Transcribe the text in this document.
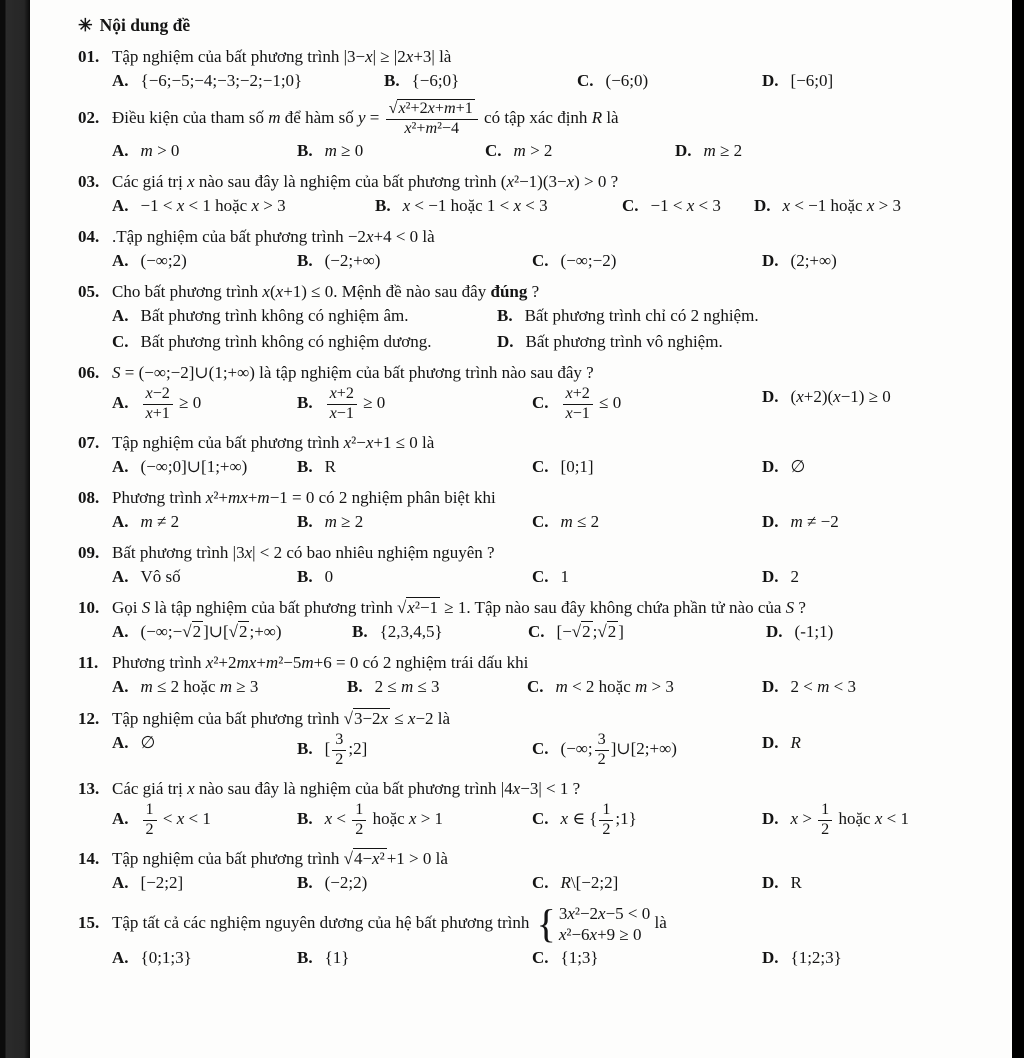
✳ Nội dung đề
01. Tập nghiệm của bất phương trình |3−x| ≥ |2x+3| là
A. {−6;−5;−4;−3;−2;−1;0}	B. {−6;0}	C. (−6;0)	D. [−6;0]
02. Điều kiện của tham số m để hàm số $y = \frac{\text{√x²+2x+m+1}}{\text{x²+m²−4}}$ có tập xác định R là
A. m > 0	B. m ≥ 0	C. m > 2	D. m ≥ 2
03. Các giá trị x nào sau đây là nghiệm của bất phương trình (x²−1)(3−x) > 0 ?
A. −1 < x < 1 hoặc x > 3	B. x < −1 hoặc 1 < x < 3	C. −1 < x < 3	D. x < −1 hoặc x > 3
04. .Tập nghiệm của bất phương trình −2x+4 < 0 là
A. (−∞;2)	B. (−2;+∞)	C. (−∞;−2)	D. (2;+∞)
05. Cho bất phương trình x(x+1) ≤ 0. Mệnh đề nào sau đây đúng ?
A. Bất phương trình không có nghiệm âm.	B. Bất phương trình chỉ có 2 nghiệm.
C. Bất phương trình không có nghiệm dương.	D. Bất phương trình vô nghiệm.
06. S = (−∞;−2]∪(1;+∞) là tập nghiệm của bất phương trình nào sau đây ?
A. $\frac{x-2}{x+1} \ge 0$	B. $\frac{x+2}{x-1} \ge 0$	C. $\frac{x+2}{x-1} \le 0$	D. (x+2)(x−1) ≥ 0
07. Tập nghiệm của bất phương trình x²−x+1 ≤ 0 là
A. (−∞;0]∪[1;+∞)	B. R	C. [0;1]	D. ∅
08. Phương trình x²+mx+m−1 = 0 có 2 nghiệm phân biệt khi
A. m ≠ 2	B. m ≥ 2	C. m ≤ 2	D. m ≠ −2
09. Bất phương trình |3x| < 2 có bao nhiêu nghiệm nguyên ?
A. Vô số	B. 0	C. 1	D. 2
10. Gọi S là tập nghiệm của bất phương trình √x²−1 ≥ 1. Tập nào sau đây không chứa phần tử nào của S ?
A. (−∞;−√2 ]∪[√2 ;+∞)	B. {2,3,4,5}	C. [−√2 ;√2 ]	D. (-1;1)
11. Phương trình x²+2mx+m²−5m+6 = 0 có 2 nghiệm trái dấu khi
A. m ≤ 2 hoặc m ≥ 3	B. 2 ≤ m ≤ 3	C. m < 2 hoặc m > 3	D. 2 < m < 3
12. Tập nghiệm của bất phương trình √3−2x ≤ x−2 là
A. ∅	B. [ $\frac{3}{2}$ ;2]	C. (−∞; $\frac{3}{2}$ ]∪[2;+∞)	D. R
13. Các giá trị x nào sau đây là nghiệm của bất phương trình |4x−3| < 1 ?
A. $\frac{1}{2} < x < 1$	B. $x < \frac{1}{2}$ hoặc x > 1	C. x ∈ { $\frac{1}{2}$ ;1}	D. $x > \frac{1}{2}$ hoặc x < 1
14. Tập nghiệm của bất phương trình √4−x² +1 > 0 là
A. [−2;2]	B. (−2;2)	C. R\[−2;2]	D. R
15. Tập tất cả các nghiệm nguyên dương của hệ bất phương trình { 3x²−2x−5 < 0
x²−6x+9 ≥ 0
là
A. {0;1;3}	B. {1}	C. {1;3}	D. {1;2;3}
